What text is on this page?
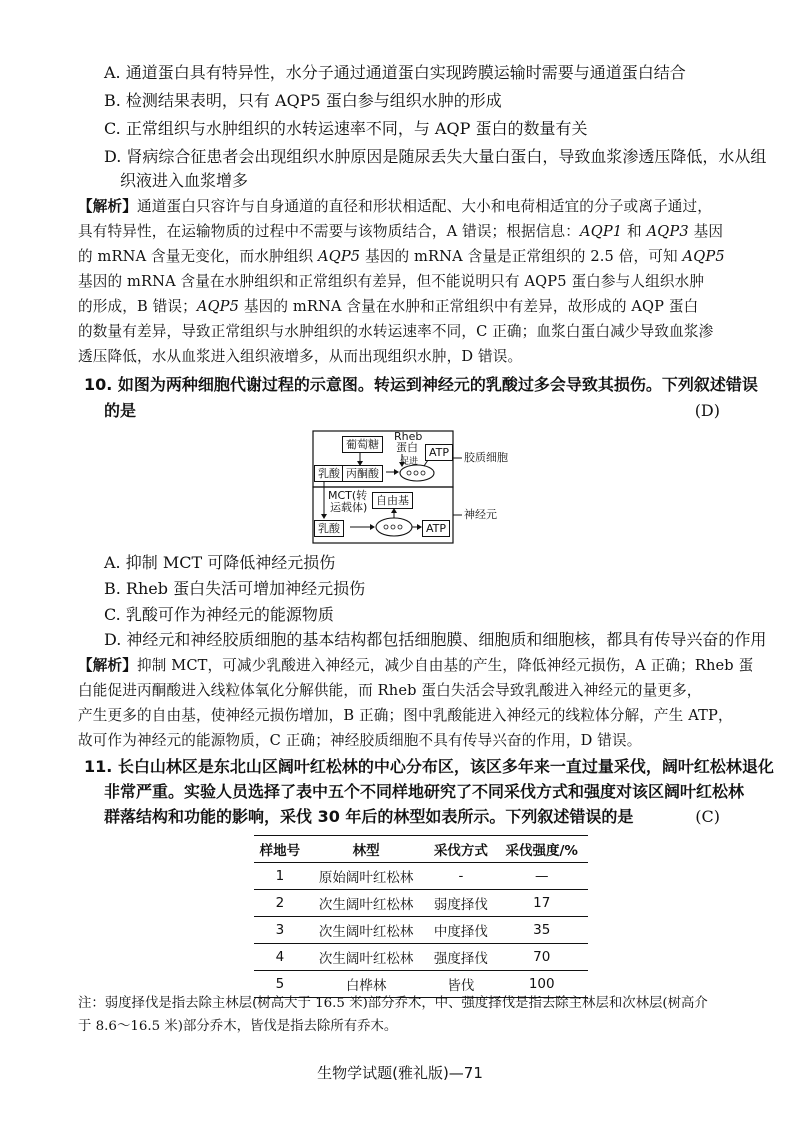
A. 通道蛋白具有特异性，水分子通过通道蛋白实现跨膜运输时需要与通道蛋白结合
B. 检测结果表明，只有 AQP5 蛋白参与组织水肿的形成
C. 正常组织与水肿组织的水转运速率不同，与 AQP 蛋白的数量有关
D. 肾病综合征患者会出现组织水肿原因是随尿丢失大量白蛋白，导致血浆渗透压降低，水从组
织液进入血浆增多
【解析】通道蛋白只容许与自身通道的直径和形状相适配、大小和电荷相适宜的分子或离子通过，
具有特异性，在运输物质的过程中不需要与该物质结合，A 错误；根据信息：AQP1 和 AQP3 基因
的 mRNA 含量无变化，而水肿组织 AQP5 基因的 mRNA 含量是正常组织的 2.5 倍，可知 AQP5
基因的 mRNA 含量在水肿组织和正常组织有差异，但不能说明只有 AQP5 蛋白参与人组织水肿
的形成，B 错误；AQP5 基因的 mRNA 含量在水肿和正常组织中有差异，故形成的 AQP 蛋白
的数量有差异，导致正常组织与水肿组织的水转运速率不同，C 正确；血浆白蛋白减少导致血浆渗
透压降低，水从血浆进入组织液增多，从而出现组织水肿，D 错误。
10. 如图为两种细胞代谢过程的示意图。转运到神经元的乳酸过多会导致其损伤。下列叙述错误
的是	(D)
葡萄糖
Rheb
蛋白
促进
ATP
乳酸 丙酮酸
胶质细胞
MCT(转
运载体)
自由基
乳酸	ATP
神经元
A. 抑制 MCT 可降低神经元损伤
B. Rheb 蛋白失活可增加神经元损伤
C. 乳酸可作为神经元的能源物质
D. 神经元和神经胶质细胞的基本结构都包括细胞膜、细胞质和细胞核，都具有传导兴奋的作用
【解析】抑制 MCT，可减少乳酸进入神经元，减少自由基的产生，降低神经元损伤，A 正确；Rheb 蛋
白能促进丙酮酸进入线粒体氧化分解供能，而 Rheb 蛋白失活会导致乳酸进入神经元的量更多，
产生更多的自由基，使神经元损伤增加，B 正确；图中乳酸能进入神经元的线粒体分解，产生 ATP，
故可作为神经元的能源物质，C 正确；神经胶质细胞不具有传导兴奋的作用，D 错误。
11. 长白山林区是东北山区阔叶红松林的中心分布区，该区多年来一直过量采伐，阔叶红松林退化
非常严重。实验人员选择了表中五个不同样地研究了不同采伐方式和强度对该区阔叶红松林
群落结构和功能的影响，采伐 30 年后的林型如表所示。下列叙述错误的是	(C)
样地号	林型	采伐方式	采伐强度/%
1	原始阔叶红松林	-	—
2	次生阔叶红松林	弱度择伐	17
3	次生阔叶红松林	中度择伐	35
4	次生阔叶红松林	强度择伐	70
5	白桦林	皆伐	100
注：弱度择伐是指去除主林层(树高大于 16.5 米)部分乔木，中、强度择伐是指去除主林层和次林层(树高介
于 8.6～16.5 米)部分乔木，皆伐是指去除所有乔木。
生物学试题(雅礼版)—71
